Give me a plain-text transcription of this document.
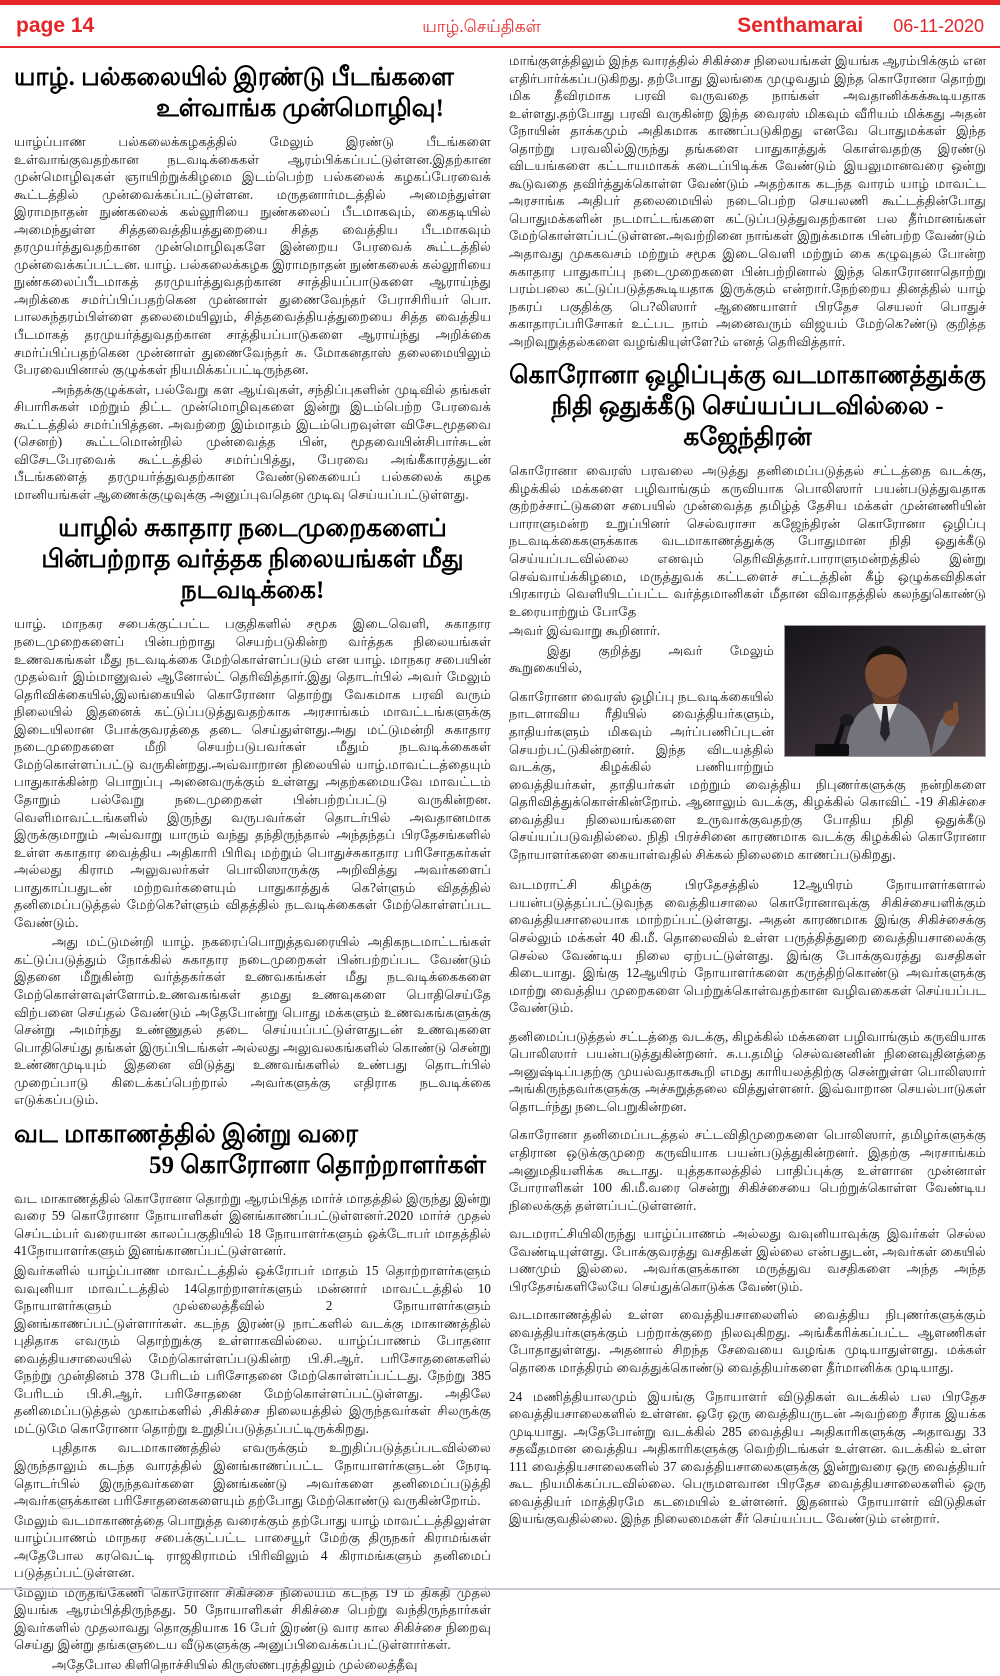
page 14	யாழ்.செய்திகள்	Senthamarai 06-11-2020
யாழ். பல்கலையில் இரண்டு பீடங்களை
உள்வாங்க முன்மொழிவு!

யாழ்ப்பாண பல்கலைக்கழகத்தில் மேலும் இரண்டு பீடங்களை உள்வாங்குவதற்கான நடவடிக்கைகள் ஆரம்பிக்கப்பட்டுள்ளன.இதற்கான முன்மொழிவுகள் ஞாயிற்றுக்கிழமை இடம்பெற்ற பல்கலைக் கழகப்பேரவைக் கூட்டத்தில் முன்வைக்கப்பட்டுள்ளன. மருதனார்மடத்தில் அமைந்துள்ள இராமநாதன் நுண்கலைக் கல்லூரியை நுண்கலைப் பீடமாகவும், கைதடியில் அமைந்துள்ள சித்தவைத்தியத்துறையை சித்த வைத்திய பீடமாகவும் தரமுயர்த்துவதற்கான முன்மொழிவுகளே இன்றைய பேரவைக் கூட்டத்தில் முன்வைக்கப்பட்டன. யாழ். பல்கலைக்கழக இராமநாதன் நுண்கலைக் கல்லூரியை நுண்கலைப்பீடமாகத் தரமுயர்த்துவதற்கான சாத்தியப்பாடுகளை ஆராய்ந்து அறிக்கை சமர்ப்பிப்பதற்கென முன்னாள் துணைவேந்தர் பேராசிரியர் பொ. பாலசுந்தரம்பிள்ளை தலைமையிலும், சித்தவைத்தியத்துறையை சித்த வைத்திய பீடமாகத் தரமுயர்த்துவதற்கான சாத்தியப்பாடுகளை ஆராய்ந்து அறிக்கை சமர்ப்பிப்பதற்கென முன்னாள் துணைவேந்தர் சு. மோகனதாஸ் தலைமையிலும் பேரவையினால் குழுக்கள் நியமிக்கப்பட்டிருந்தன.

அந்தக்குழுக்கள், பல்வேறு கள ஆய்வுகள், சந்திப்புகளின் முடிவில் தங்கள் சிபாரிசுகள் மற்றும் திட்ட முன்மொழிவுகளை இன்று இடம்பெற்ற பேரவைக் கூட்டத்தில் சமர்ப்பித்தன. அவற்றை இம்மாதம் இடம்பெறவுள்ள விசேடமூதவை (செனற்) கூட்டமொன்றில் முன்வைத்த பின், மூதவையின்சிபார்சுடன் விசேடபேரவைக் கூட்டத்தில் சமர்ப்பித்து, பேரவை அங்கீகாரத்துடன் பீடங்களைத் தரமுயர்த்துவதற்கான வேண்டுகையைப் பல்கலைக் கழக மானியங்கள் ஆணைக்குழுவுக்கு அனுப்புவதென முடிவு செய்யப்பட்டுள்ளது.

யாழில் சுகாதார நடைமுறைகளைப்
பின்பற்றாத வர்த்தக நிலையங்கள் மீது நடவடிக்கை!

யாழ். மாநகர சபைக்குட்பட்ட பகுதிகளில் சமூக இடைவெளி, சுகாதார நடைமுறைகளைப் பின்பற்றாது செயற்படுகின்ற வர்த்தக நிலையங்கள் உணவகங்கள் மீது நடவடிக்கை மேற்கொள்ளப்படும் என யாழ். மாநகர சபையின் முதல்வர் இம்மானுவல் ஆனோல்ட் தெரிவித்தார்.இது தொடர்பில் அவர் மேலும் தெரிவிக்கையில்,இலங்கையில் கொரோனா தொற்று வேகமாக பரவி வரும் நிலையில் இதனைக் கட்டுப்படுத்துவதற்காக அரசாங்கம் மாவட்டங்களுக்கு இடையிலான போக்குவரத்தை தடை செய்துள்ளது.அது மட்டுமன்றி சுகாதார நடைமுறைகளை மீறி செயற்படுபவர்கள் மீதும் நடவடிக்கைகள் மேற்கொள்ளப்பட்டு வருகின்றது.அவ்வாறான நிலையில் யாழ்.மாவட்டத்தையும் பாதுகாக்கின்ற பொறுப்பு அனைவருக்கும் உள்ளது அதற்கமையவே மாவட்டம் தோறும் பல்வேறு நடைமுறைகள் பின்பற்றப்பட்டு வருகின்றன. வெளிமாவட்டங்களில் இருந்து வருபவர்கள் தொடர்பில் அவதானமாக இருக்குமாறும் அவ்வாறு யாரும் வந்து தந்திருந்தால் அந்தந்தப் பிரதேசங்களில் உள்ள சுகாதார வைத்திய அதிகாரி பிரிவு மற்றும் பொதுச்சுகாதார பரிசோதகர்கள் அல்லது கிராம அலுவலர்கள் பொலிஸாருக்கு அறிவித்து அவர்களைப் பாதுகாப்பதுடன் மற்றவர்களையும் பாதுகாத்துக் கெ?ள்ளும் விதத்தில் தனிமைப்படுத்தல் மேற்கெ?ள்ளும் விதத்தில் நடவடிக்கைகள் மேற்கொள்ளப்பட வேண்டும்.

அது மட்டுமன்றி யாழ். நகரைப்பொறுத்தவரையில் அதிகநடமாட்டங்கள் கட்டுப்படுத்தும் நோக்கில் சுகாதார நடைமுறைகள் பின்பற்றப்பட வேண்டும் இதனை மீறுகின்ற வர்த்தகர்கள் உணவகங்கள் மீது நடவடிக்கைகளை மேற்கொள்ளவுள்ளோம்.உணவகங்கள் தமது உணவுகளை பொதிசெய்தே விற்பனை செய்தல் வேண்டும் அதேபோன்று பொது மக்களும் உணவகங்களுக்கு சென்று அமர்ந்து உண்ணுதல் தடை செய்யப்பட்டுள்ளதுடன் உணவுகளை பொதிசெய்து தங்கள் இருப்பிடங்கள் அல்லது அலுவலகங்களில் கொண்டு சென்று உண்ணமுடியும் இதனை விடுத்து உணவங்களில் உண்பது தொடர்பில் முறைப்பாடு கிடைக்கப்பெற்றால் அவர்களுக்கு எதிராக நடவடிக்கை எடுக்கப்படும்.

வட மாகாணத்தில் இன்று வரை
59 கொரோனா தொற்றாளர்கள்

வட மாகாணத்தில் கொரோனா தொற்று ஆரம்பித்த மார்ச் மாதத்தில் இருந்து இன்று வரை 59 கொரோனா நோயாளிகள் இனங்காணப்பட்டுள்ளனர்.2020 மார்ச் முதல் செப்டம்பர் வரையான காலப்பகுதியில் 18 நோயாளர்களும் ஒக்டோபர் மாதத்தில் 41நோயாளர்களும் இனங்காணப்பட்டுள்ளனர்.

இவர்களில் யாழ்ப்பாண மாவட்டத்தில் ஒக்ரோபர் மாதம் 15 தொற்றாளர்களும் வவுனியா மாவட்டத்தில் 14தொற்றாளர்களும் மன்னார் மாவட்டத்தில் 10 நோயாளர்களும் முல்லைத்தீவில் 2 நோயாளர்களும் இனங்காணப்பட்டுள்ளார்கள். கடந்த இரண்டு நாட்களில் வடக்கு மாகாணத்தில் புதிதாக எவரும் தொற்றுக்கு உள்ளாகவில்லை. யாழ்ப்பாணம் போதனா வைத்தியசாலையில் மேற்கொள்ளப்படுகின்ற பி.சி.ஆர். பரிசோதனைகளில் நேற்று முன்தினம் 378 பேரிடம் பரிசோதனை மேற்கொள்ளப்பட்டது. நேற்று 385 பேரிடம் பி.சி.ஆர். பரிசோதனை மேற்கொள்ளப்பட்டுள்ளது. அதிலே தனிமைப்படுத்தல் முகாம்களில் ,சிகிச்சை நிலையத்தில் இருந்தவர்கள் சிலருக்கு மட்டுமே கொரோனா தொற்று உறுதிப்படுத்தப்பட்டிருக்கிறது.

புதிதாக வடமாகாணத்தில் எவருக்கும் உறுதிப்படுத்தப்படவில்லை இருந்தாலும் கடந்த வாரத்தில் இனங்காணப்பட்ட நோயாளர்களுடன் நேரடி தொடர்பில் இருந்தவர்களை இனங்கண்டு அவர்களை தனிமைப்படுத்தி அவர்களுக்கான பரிசோதனைகளையும் தற்போது மேற்கொண்டு வருகின்றோம்.

மேலும் வடமாகாணத்தை பொறுத்த வரைக்கும் தற்போது யாழ் மாவட்டத்திலுள்ள யாழ்ப்பாணம் மாநகர சபைக்குட்பட்ட பாசையூர் மேற்கு திருநகர் கிராமங்கள் அதேபோல கரவெட்டி ராஜகிராமம் பிரிவிலும் 4 கிராமங்களும் தனிமைப் படுத்தப்பட்டுள்ளன.

மேலும் மருதங்கேணி கொரோனா சிகிச்சை நிலையம் கடந்த 19 ம் திகதி முதல் இயங்க ஆரம்பித்திருந்தது. 50 நோயாளிகள் சிகிச்சை பெற்று வந்திருந்தார்கள் இவர்களில் முதலாவது தொகுதியாக 16 பேர் இரண்டு வார கால சிகிச்சை நிறைவு செய்து இன்று தங்களுடைய வீடுகளுக்கு அனுப்பிவைக்கப்பட்டுள்ளார்கள்.

அதேபோல கிளிநொச்சியில் கிருஸ்ணபுரத்திலும் முல்லைத்தீவு

மாங்குளத்திலும் இந்த வாரத்தில் சிகிச்சை நிலையங்கள் இயங்க ஆரம்பிக்கும் என எதிர்பார்க்கப்படுகிறது. தற்போது இலங்கை முழுவதும் இந்த கொரோனா தொற்று மிக தீவிரமாக பரவி வருவதை நாங்கள் அவதானிக்கக்கூடியதாக உள்ளது.தற்போது பரவி வருகின்ற இந்த வைரஸ் மிகவும் வீரியம் மிக்கது அதன் நோயின் தாக்கமும் அதிகமாக காணப்படுகிறது எனவே பொதுமக்கள் இந்த தொற்று பரவலில்இருந்து தங்களை பாதுகாத்துக் கொள்வதற்கு இரண்டு விடயங்களை கட்டாயமாகக் கடைப்பிடிக்க வேண்டும் இயலுமானவரை ஒன்று கூடுவதை தவிர்த்துக்கொள்ள வேண்டும் அதற்காக கடந்த வாரம் யாழ் மாவட்ட அரசாங்க அதிபர் தலைமையில் நடைபெற்ற செயலணி கூட்டத்தின்போது பொதுமக்களின் நடமாட்டங்களை கட்டுப்படுத்துவதற்கான பல தீர்மானங்கள் மேற்கொள்ளப்பட்டுள்ளன.அவற்றினை நாங்கள் இறுக்கமாக பின்பற்ற வேண்டும் அதாவது முககவசம் மற்றும் சமூக இடைவெளி மற்றும் கை கழுவுதல் போன்ற சுகாதார பாதுகாப்பு நடைமுறைகளை பின்பற்றினால் இந்த கொரோனாதொற்று பரம்பலை கட்டுப்படுத்தகூடியதாக இருக்கும் என்றார்.நேற்றைய தினத்தில் யாழ் நகரப் பகுதிக்கு பெ?லிஸார் ஆணையாளர் பிரதேச செயலர் பொதுச் சுகாதாரப்பரிசோகர் உட்பட நாம் அனைவரும் விஜயம் மேற்கெ?ண்டு குறித்த அறிவுறுத்தல்களை வழங்கியுள்ளே?ம் எனத் தெரிவித்தார்.

கொரோனா ஒழிப்புக்கு வடமாகாணத்துக்கு
நிதி ஒதுக்கீடு செய்யப்படவில்லை - கஜேந்திரன்

கொரோனா வைரஸ் பரவலை அடுத்து தனிமைப்படுத்தல் சட்டத்தை வடக்கு, கிழக்கில் மக்களை பழிவாங்கும் கருவியாக பொலிஸார் பயன்படுத்துவதாக குற்றச்சாட்டுகளை சபையில் முன்வைத்த தமிழ்த் தேசிய மக்கள் முன்னணியின் பாராளுமன்ற உறுப்பினர் செல்வராசா கஜேந்திரன் கொரோனா ஒழிப்பு நடவடிக்கைகளுக்காக வடமாகாணத்துக்கு போதுமான நிதி ஒதுக்கீடு செய்யப்படவில்லை எனவும் தெரிவித்தார்.பாராளுமன்றத்தில் இன்று செவ்வாய்க்கிழமை, மருத்துவக் கட்டளைச் சட்டத்தின் கீழ் ஒழுக்கவிதிகள் பிரகாரம் வெளியிடப்பட்ட வர்த்தமானிகள் மீதான விவாதத்தில் கலந்துகொண்டு உரையாற்றும் போதே

அவர் இவ்வாறு கூறினார்.

இது குறித்து அவர் மேலும் கூறுகையில்,

கொரோனா வைரஸ் ஒழிப்பு நடவடிக்கையில் நாடளாவிய ரீதியில் வைத்தியர்களும், தாதியர்களும் மிகவும் அர்ப்பணிப்புடன் செயற்பட்டுகின்றனர். இந்த விடயத்தில் வடக்கு, கிழக்கில் பணியாற்றும் வைத்தியர்கள், தாதியர்கள் மற்றும் வைத்திய நிபுணர்களுக்கு நன்றிகளை தெரிவித்துக்கொள்கின்றோம். ஆனாலும் வடக்கு, கிழக்கில் கொவிட் -19 சிகிச்சை வைத்திய நிலையங்களை உருவாக்குவதற்கு போதிய நிதி ஒதுக்கீடு செய்யப்படுவதில்லை. நிதி பிரச்சினை காரணமாக வடக்கு கிழக்கில் கொரோனா நோயாளர்களை கையாள்வதில் சிக்கல் நிலைமை காணப்படுகிறது.

வடமராட்சி கிழக்கு பிரதேசத்தில் 12ஆயிரம் நோயாளர்களால் பயன்படுத்தப்பட்டுவந்த வைத்தியசாலை கொரோனாவுக்கு சிகிச்சையளிக்கும் வைத்தியசாலையாக மாற்றப்பட்டுள்ளது. அதன் காரணமாக இங்கு சிகிச்சைக்கு செல்லும் மக்கள் 40 கி.மீ. தொலைவில் உள்ள பருத்தித்துறை வைத்தியசாலைக்கு செல்ல வேண்டிய நிலை ஏற்பட்டுள்ளது. இங்கு போக்குவரத்து வசதிகள் கிடையாது. இங்கு 12ஆயிரம் நோயாளர்களை கருத்திற்கொண்டு அவர்களுக்கு மாற்று வைத்திய முறைகளை பெற்றுக்கொள்வதற்கான வழிவகைகள் செய்யப்பட வேண்டும்.

தனிமைப்படுத்தல் சட்டத்தை வடக்கு, கிழக்கில் மக்களை பழிவாங்கும் கருவியாக பொலிஸார் பயன்படுத்துகின்றனர். சு.ப.தமிழ் செல்வனனின் நினைவுதினத்தை அனுஷ்டிப்பதற்கு முயல்வதாககூறி எமது காரியலத்திற்கு சென்றுள்ள பொலிஸார் அங்கிருந்தவர்களுக்கு அச்சுறுத்தலை வித்துள்ளனர். இவ்வாறான செயல்பாடுகள் தொடர்ந்து நடைபெறுகின்றன.

கொரோனா தனிமைப்படத்தல் சட்டவிதிமுறைகளை பொலிஸார், தமிழர்களுக்கு எதிரான ஒடுக்குமுறை கருவியாக பயன்படுத்துகின்றனர். இதற்கு அரசாங்கம் அனுமதியளிக்க கூடாது. யுத்தகாலத்தில் பாதிப்புக்கு உள்ளான முன்னாள் போராளிகள் 100 கி.மீ.வரை சென்று சிகிச்சையை பெற்றுக்கொள்ள வேண்டிய நிலைக்குத் தள்ளப்பட்டுள்ளனர்.

வடமராட்சியிலிருந்து யாழ்ப்பாணம் அல்லது வவுனியாவுக்கு இவர்கள் செல்ல வேண்டியுள்ளது. போக்குவரத்து வசதிகள் இல்லை என்பதுடன், அவர்கள் கையில் பணமும் இல்லை. அவர்களுக்கான மருத்துவ வசதிகளை அந்த அந்த பிரதேசங்களிலேயே செய்துக்கொடுக்க வேண்டும்.

வடமாகாணத்தில் உள்ள வைத்தியசாலைளில் வைத்திய நிபுணர்களுக்கும் வைத்தியர்களுக்கும் பற்றாக்குறை நிலவுகிறது. அங்கீகரிக்கப்பட்ட ஆளணிகள் போதாதுள்ளது. அதனால் சிறந்த சேவையை வழங்க முடியாதுள்ளது. மக்கள் தொகை மாத்திரம் வைத்துக்கொண்டு வைத்தியர்களை தீர்மானிக்க முடியாது.

24 மணித்தியாலமும் இயங்கு நோயாளர் விடுதிகள் வடக்கில் பல பிரதேச வைத்தியசாலைகளில் உள்ளன. ஒரே ஒரு வைத்தியருடன் அவற்றை சீராக இயக்க முடியாது. அதேபோன்று வடக்கில் 285 வைத்திய அதிகாரிகளுக்கு அதாவது 33 சதவீதமான வைத்திய அதிகாரிகளுக்கு வெற்றிடங்கள் உள்ளன. வடக்கில் உள்ள 111 வைத்தியசாலைகளில் 37 வைத்தியசாலைகளுக்கு இன்றுவரை ஒரு வைத்தியர் கூட நியமிக்கப்படவில்லை. பெருமளவான பிரதேச வைத்தியசாலைகளில் ஒரு வைத்தியர் மாத்திரமே கடமையில் உள்ளனர். இதனால் நோயாளர் விடுதிகள் இயங்குவதில்லை. இந்த நிலைமைகள் சீர் செய்யப்பட வேண்டும் என்றார்.
